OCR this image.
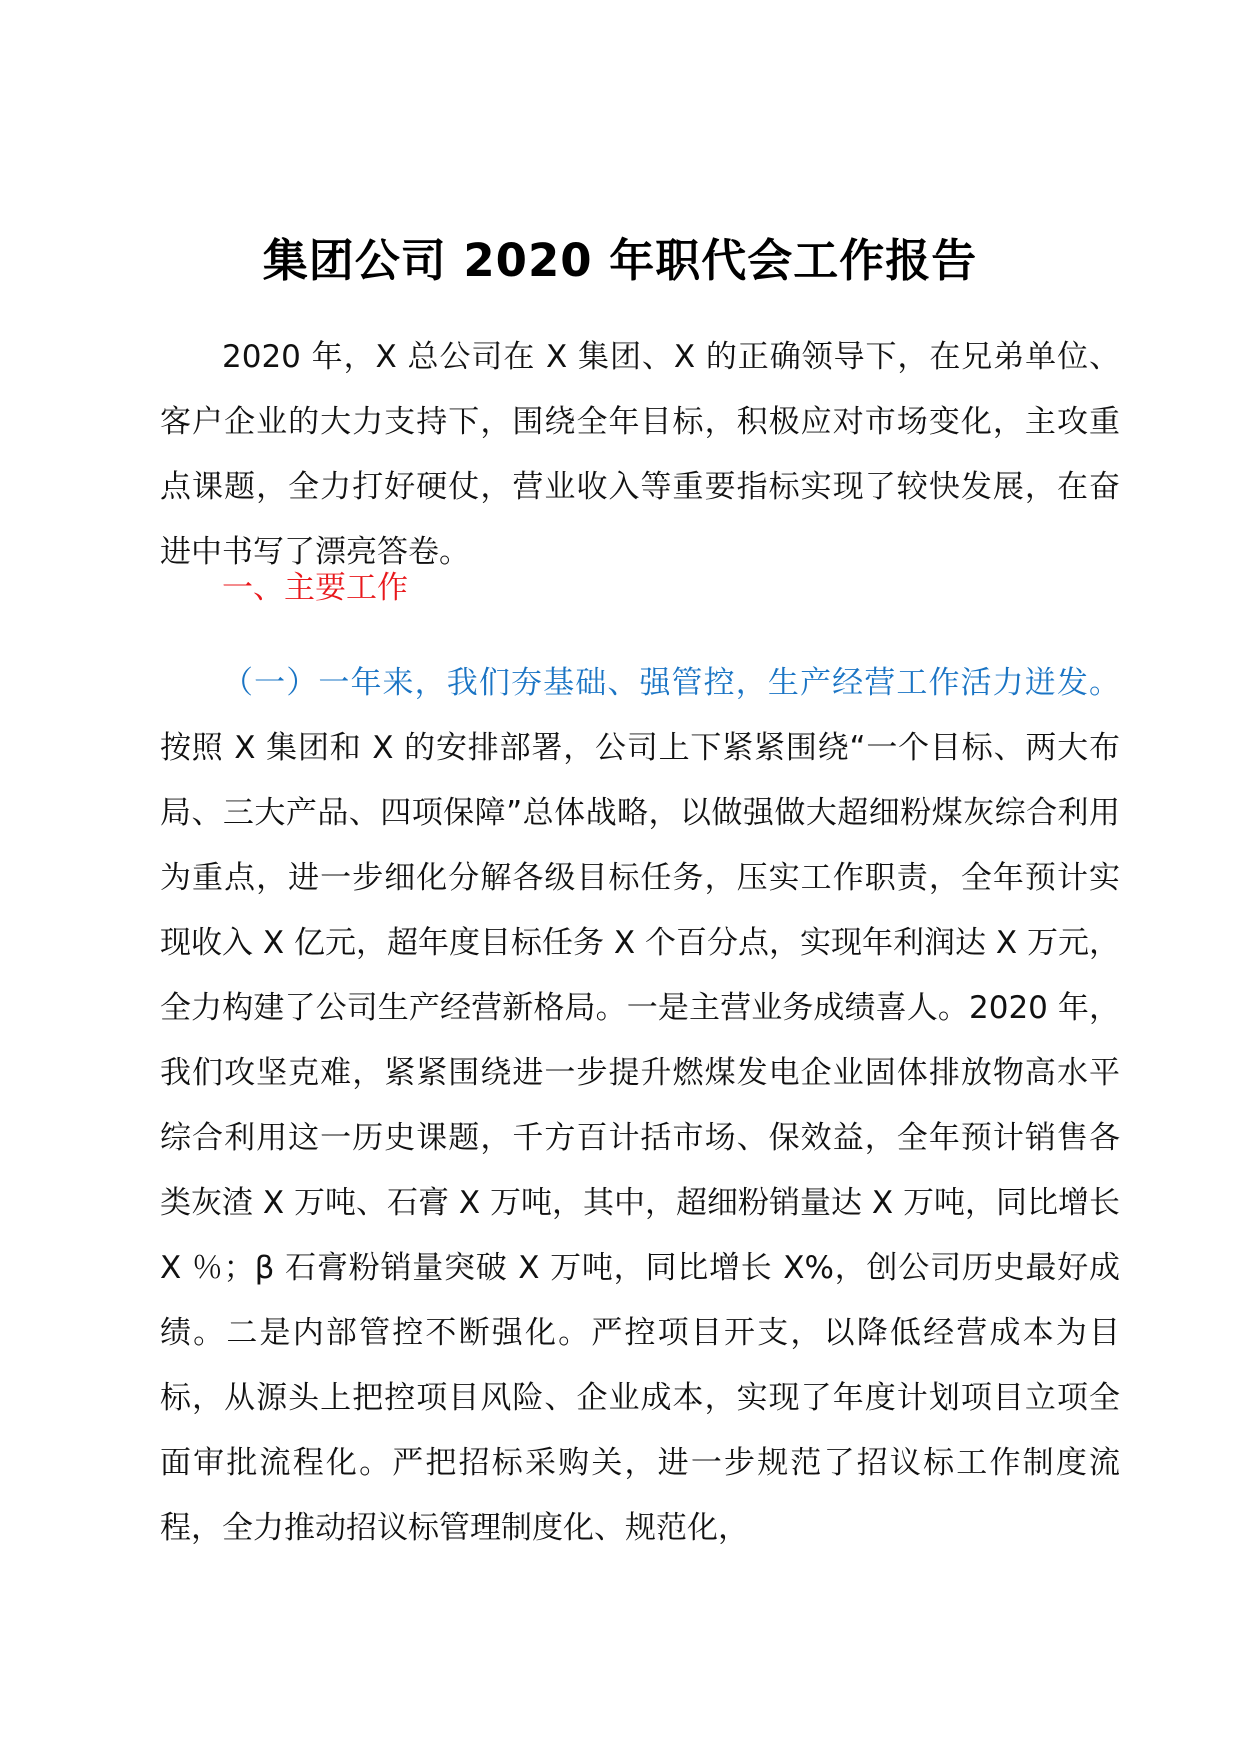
集团公司 2020 年职代会工作报告

2020 年，X 总公司在 X 集团、X 的正确领导下，在兄弟单位、客户企业的大力支持下，围绕全年目标，积极应对市场变化，主攻重点课题，全力打好硬仗，营业收入等重要指标实现了较快发展，在奋进中书写了漂亮答卷。

一、主要工作

（一）一年来，我们夯基础、强管控，生产经营工作活力迸发。按照 X 集团和 X 的安排部署，公司上下紧紧围绕“一个目标、两大布局、三大产品、四项保障”总体战略，以做强做大超细粉煤灰综合利用为重点，进一步细化分解各级目标任务，压实工作职责，全年预计实现收入 X 亿元，超年度目标任务 X 个百分点，实现年利润达 X 万元，全力构建了公司生产经营新格局。一是主营业务成绩喜人。2020 年，我们攻坚克难，紧紧围绕进一步提升燃煤发电企业固体排放物高水平综合利用这一历史课题，千方百计括市场、保效益，全年预计销售各类灰渣 X 万吨、石膏 X 万吨，其中，超细粉销量达 X 万吨，同比增长 X ％；β 石膏粉销量突破 X 万吨，同比增长 X%，创公司历史最好成绩。二是内部管控不断强化。严控项目开支，以降低经营成本为目标，从源头上把控项目风险、企业成本，实现了年度计划项目立项全面审批流程化。严把招标采购关，进一步规范了招议标工作制度流程，全力推动招议标管理制度化、规范化，
